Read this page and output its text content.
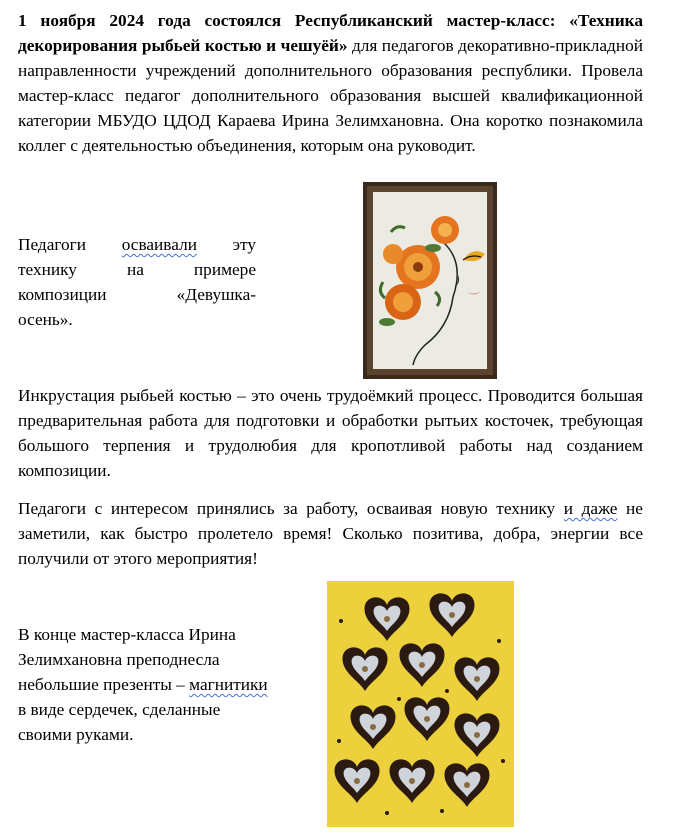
1 ноября 2024 года состоялся Республиканский мастер-класс: «Техника декорирования рыбьей костью и чешуёй» для педагогов декоративно-прикладной направленности учреждений дополнительного образования республики. Провела мастер-класс педагог дополнительного образования высшей квалификационной категории МБУДО ЦДОД Караева Ирина Зелимхановна. Она коротко познакомила коллег с деятельностью объединения, которым она руководит.

Педагоги осваивали эту технику на примере композиции «Девушка-
осень».

Инкрустация рыбьей костью – это очень трудоёмкий процесс. Проводится большая предварительная работа для подготовки и обработки рытьих косточек, требующая большого терпения и трудолюбия для кропотливой работы над созданием композиции.

Педагоги с интересом принялись за работу, осваивая новую технику и даже не заметили, как быстро пролетело время! Сколько позитива, добра, энергии все получили от этого мероприятия!

В конце мастер-класса Ирина Зелимхановна преподнесла небольшие презенты – магнитики в виде сердечек, сделанные своими руками.
